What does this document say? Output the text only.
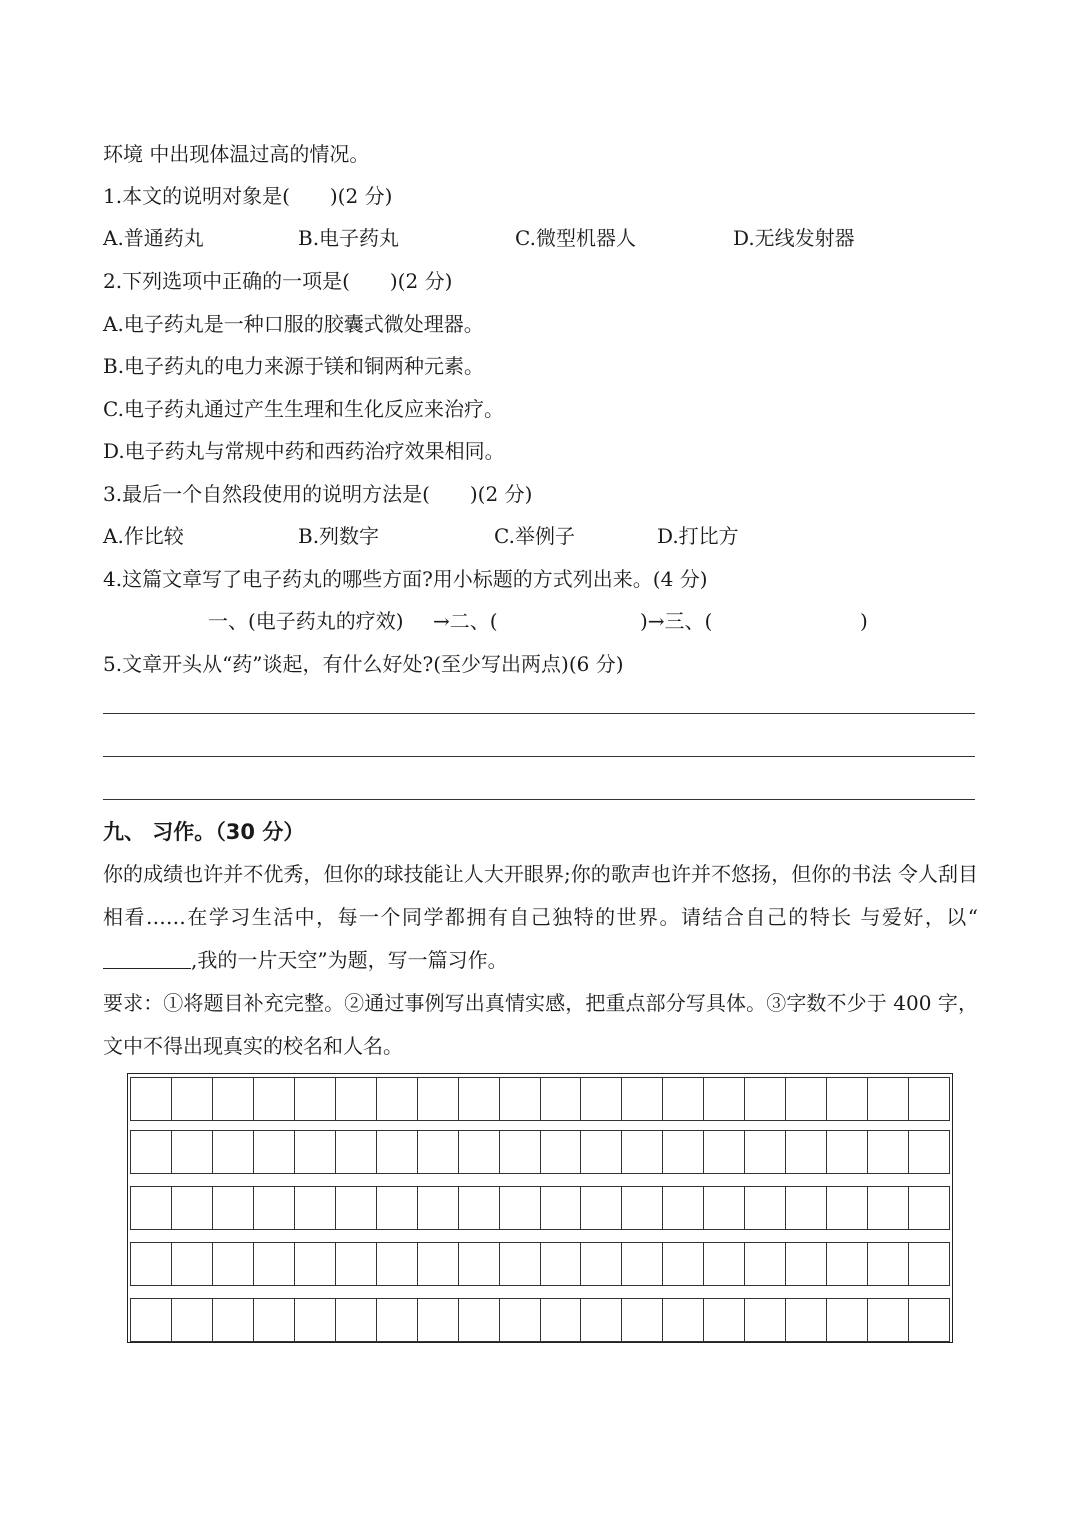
环境 中出现体温过高的情况。
1.本文的说明对象是(　　)(2 分)
A.普通药丸	B.电子药丸	C.微型机器人	D.无线发射器
2.下列选项中正确的一项是(　　)(2 分)
A.电子药丸是一种口服的胶囊式微处理器。
B.电子药丸的电力来源于镁和铜两种元素。
C.电子药丸通过产生生理和生化反应来治疗。
D.电子药丸与常规中药和西药治疗效果相同。
3.最后一个自然段使用的说明方法是(　　)(2 分)
A.作比较	B.列数字	C.举例子	D.打比方
4.这篇文章写了电子药丸的哪些方面?用小标题的方式列出来。(4 分)
一、(电子药丸的疗效) →二、(	)→三、(	)
5.文章开头从“药”谈起，有什么好处?(至少写出两点)(6 分)
九、 习作。（30 分）
你的成绩也许并不优秀，但你的球技能让人大开眼界;你的歌声也许并不悠扬，但你的书法 令人刮目相看……在学习生活中，每一个同学都拥有自己独特的世界。请结合自己的特长 与爱好，以“,我的一片天空”为题，写一篇习作。
要求：①将题目补充完整。②通过事例写出真情实感，把重点部分写具体。③字数不少于 400 字，文中不得出现真实的校名和人名。
